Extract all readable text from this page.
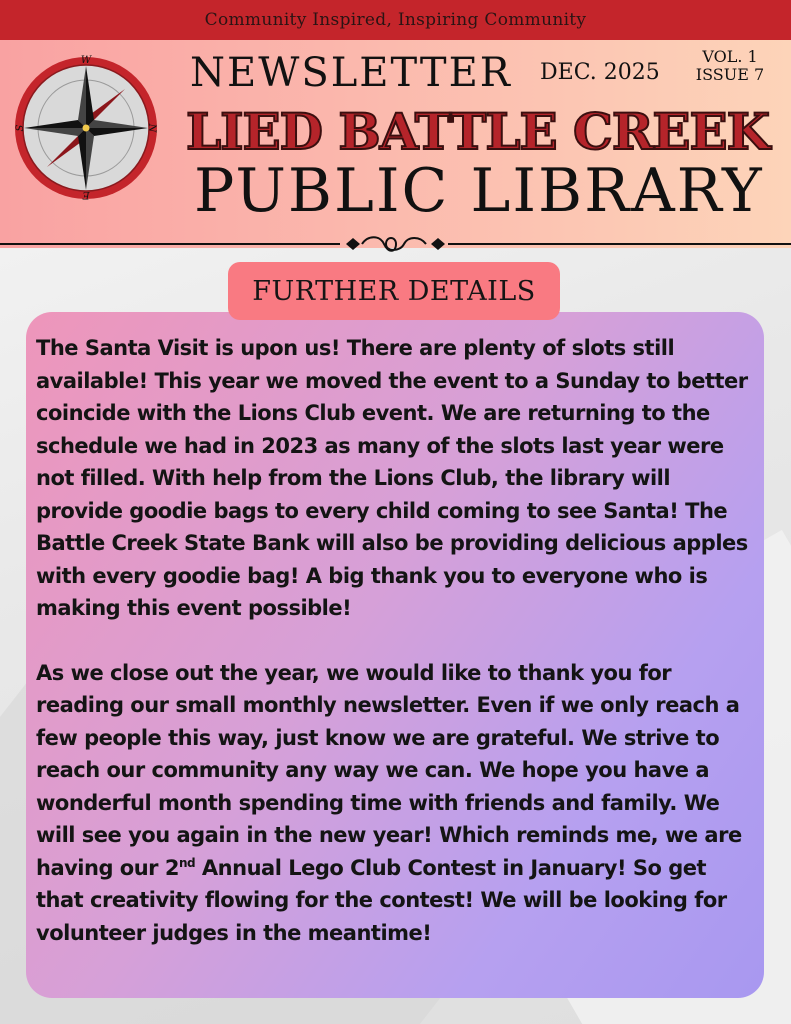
Community Inspired, Inspiring Community
W
N
E
S
NEWSLETTER DEC. 2025
VOL. 1
ISSUE 7
LIED BATTLE CREEK
PUBLIC LIBRARY
FURTHER DETAILS

The Santa Visit is upon us! There are plenty of slots still available! This year we moved the event to a Sunday to better coincide with the Lions Club event. We are returning to the schedule we had in 2023 as many of the slots last year were not filled. With help from the Lions Club, the library will provide goodie bags to every child coming to see Santa! The Battle Creek State Bank will also be providing delicious apples with every goodie bag! A big thank you to everyone who is making this event possible!

As we close out the year, we would like to thank you for reading our small monthly newsletter. Even if we only reach a few people this way, just know we are grateful. We strive to reach our community any way we can. We hope you have a wonderful month spending time with friends and family. We will see you again in the new year! Which reminds me, we are having our 2nd Annual Lego Club Contest in January! So get that creativity flowing for the contest! We will be looking for volunteer judges in the meantime!
